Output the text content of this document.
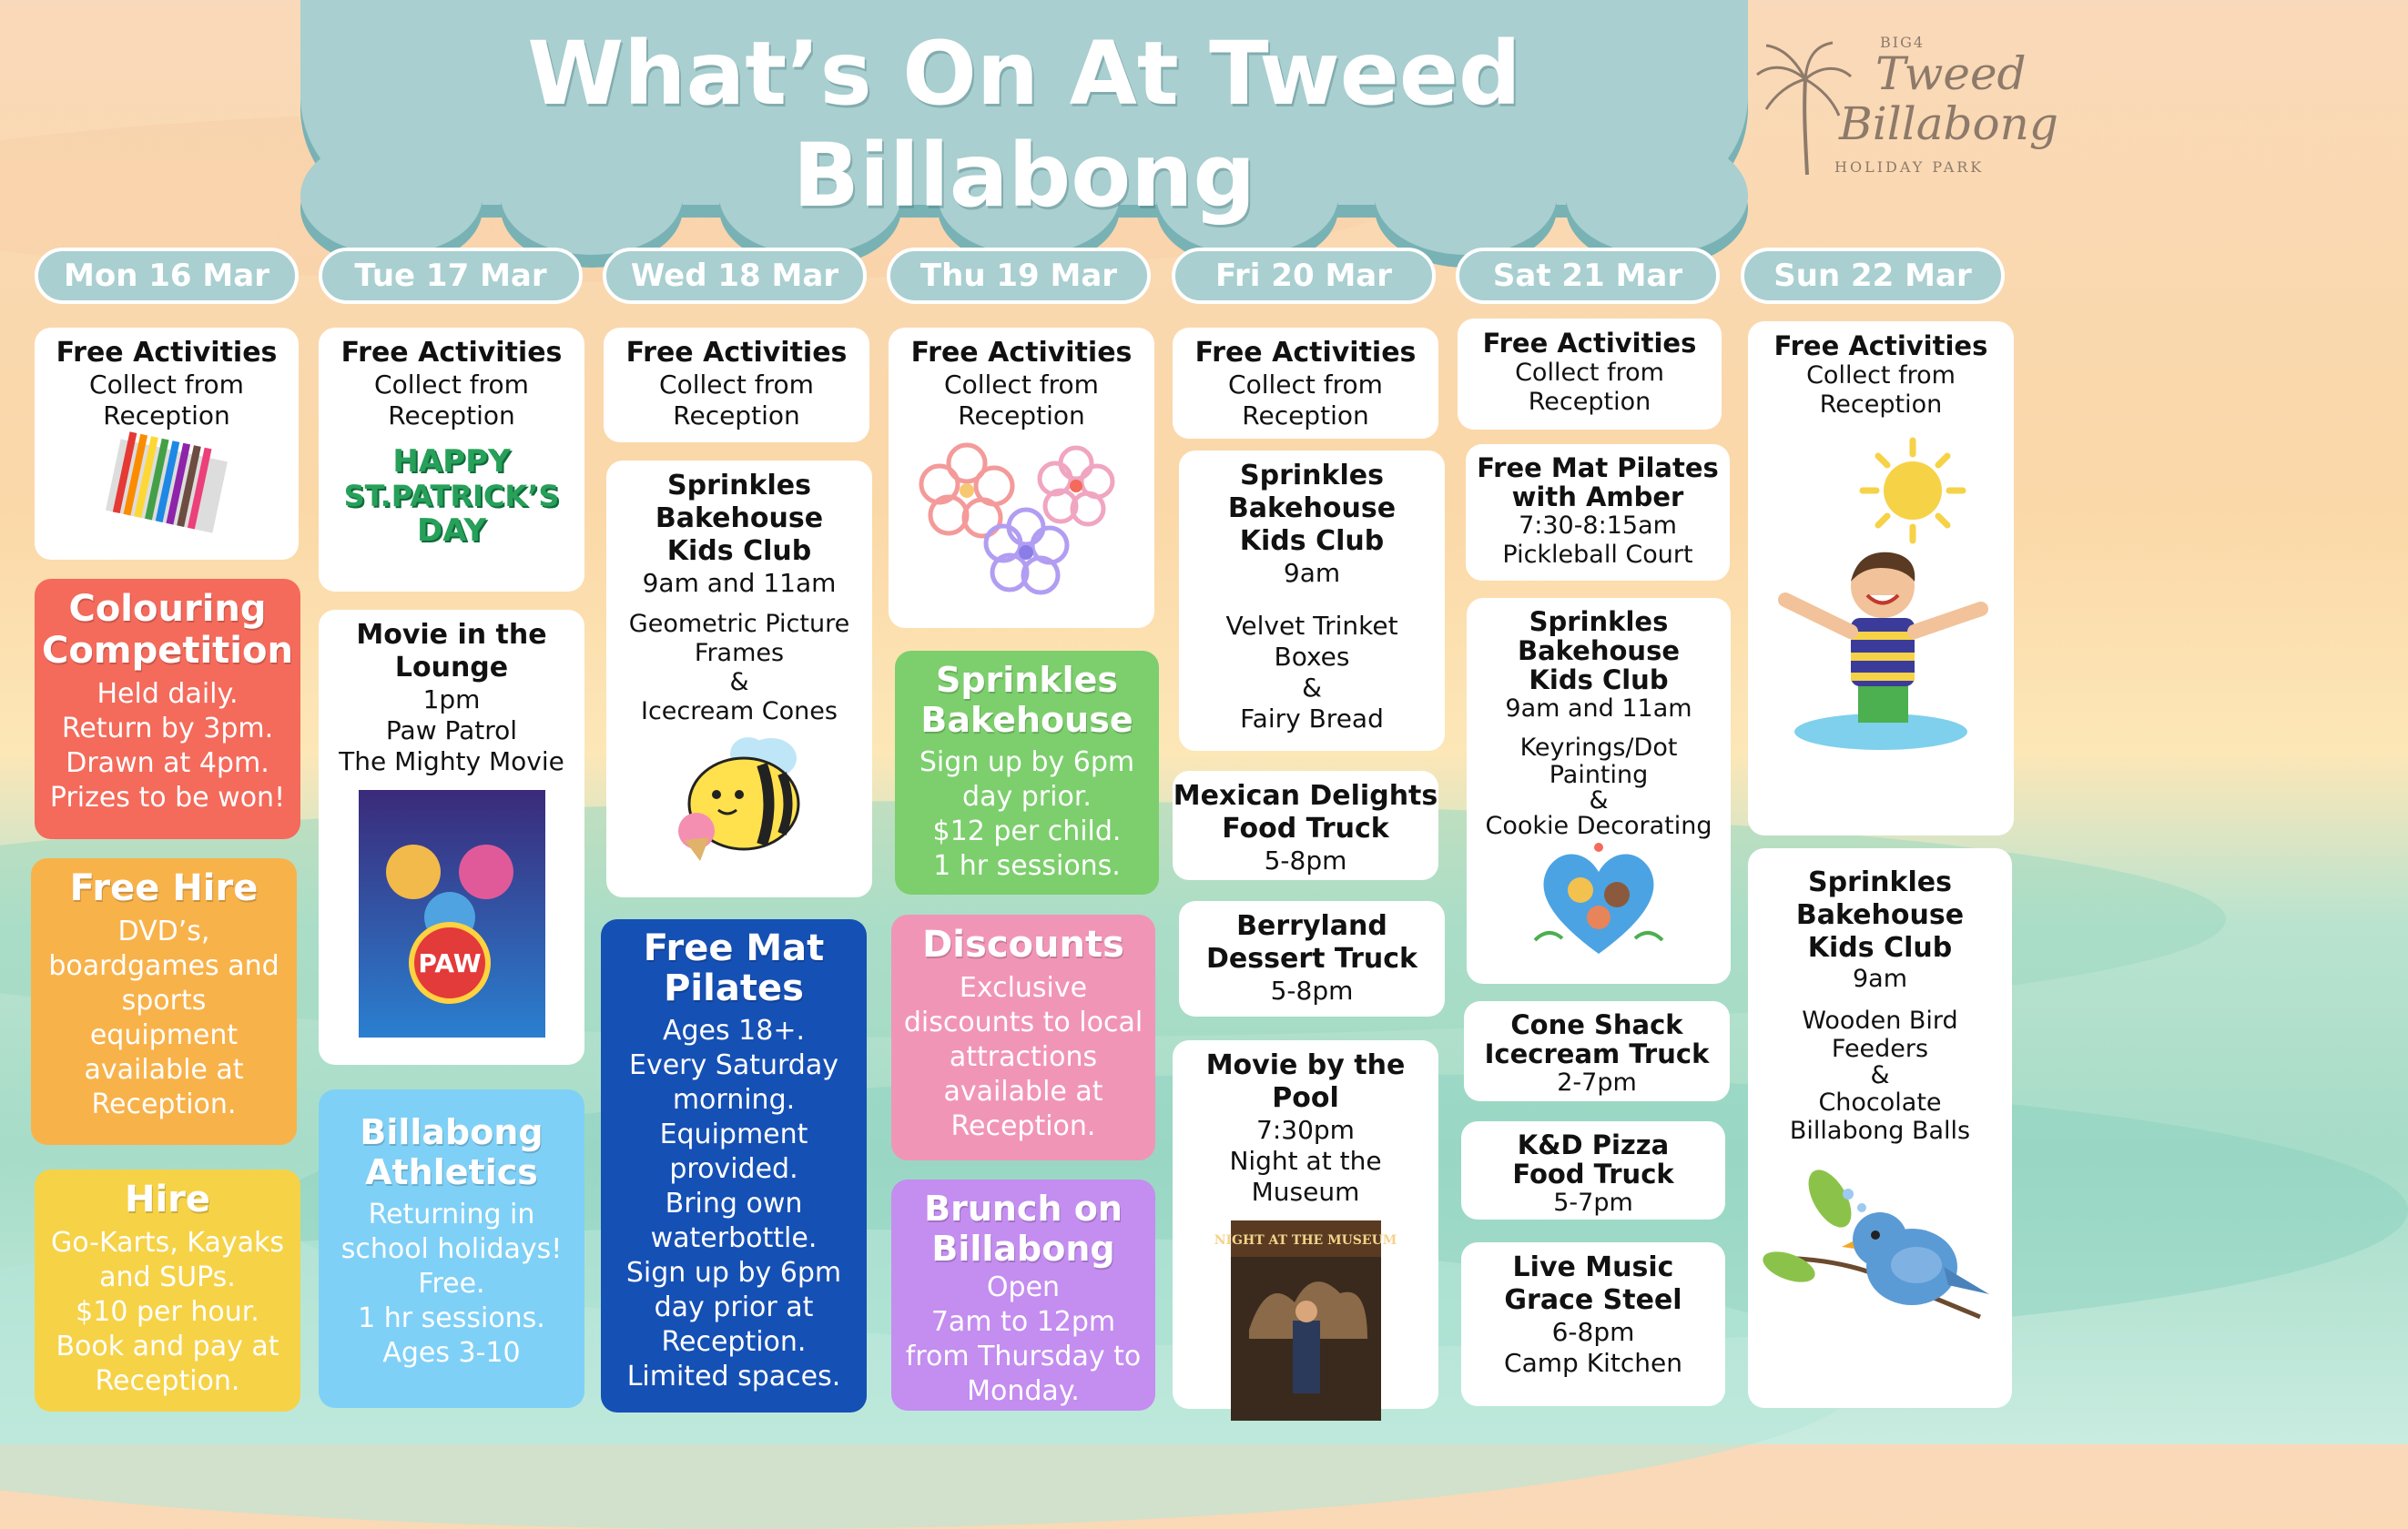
What’s On At Tweed Billabong
BIG4
Tweed
Billabong
HOLIDAY PARK
Mon 16 Mar	Tue 17 Mar	Wed 18 Mar	Thu 19 Mar	Fri 20 Mar	Sat 21 Mar	Sun 22 Mar
Free Activities
Collect from
Reception
Colouring Competition
Held daily.
Return by 3pm.
Drawn at 4pm.
Prizes to be won!
Free Hire
DVD’s,
boardgames and
sports
equipment
available at
Reception.
Hire
Go-Karts, Kayaks
and SUPs.
$10 per hour.
Book and pay at
Reception.
Free Activities
Collect from
Reception
HAPPY
ST.PATRICK’S
DAY
Movie in the
Lounge
1pm
Paw Patrol
The Mighty Movie
PAW
Billabong Athletics
Returning in
school holidays!
Free.
1 hr sessions.
Ages 3-10
Free Activities
Collect from
Reception
Sprinkles
Bakehouse
Kids Club
9am and 11am
Geometric Picture
Frames
&
Icecream Cones
Free Mat Pilates
Ages 18+.
Every Saturday
morning.
Equipment
provided.
Bring own
waterbottle.
Sign up by 6pm
day prior at
Reception.
Limited spaces.
Free Activities
Collect from
Reception
Sprinkles Bakehouse
Sign up by 6pm
day prior.
$12 per child.
1 hr sessions.
Discounts
Exclusive
discounts to local
attractions
available at
Reception.
Brunch on Billabong
Open
7am to 12pm
from Thursday to
Monday.
Free Activities
Collect from
Reception
Sprinkles
Bakehouse
Kids Club
9am
Velvet Trinket
Boxes
&
Fairy Bread
Mexican Delights
Food Truck
5-8pm
Berryland
Dessert Truck
5-8pm
Movie by the Pool
7:30pm
Night at the
Museum
NIGHT AT THE MUSEUM
Free Activities
Collect from
Reception
Free Mat Pilates
with Amber
7:30-8:15am
Pickleball Court
Sprinkles
Bakehouse
Kids Club
9am and 11am
Keyrings/Dot
Painting
&
Cookie Decorating
Cone Shack
Icecream Truck
2-7pm
K&D Pizza
Food Truck
5-7pm
Live Music
Grace Steel
6-8pm
Camp Kitchen
Free Activities
Collect from
Reception
Sprinkles
Bakehouse
Kids Club
9am
Wooden Bird
Feeders
&
Chocolate
Billabong Balls
